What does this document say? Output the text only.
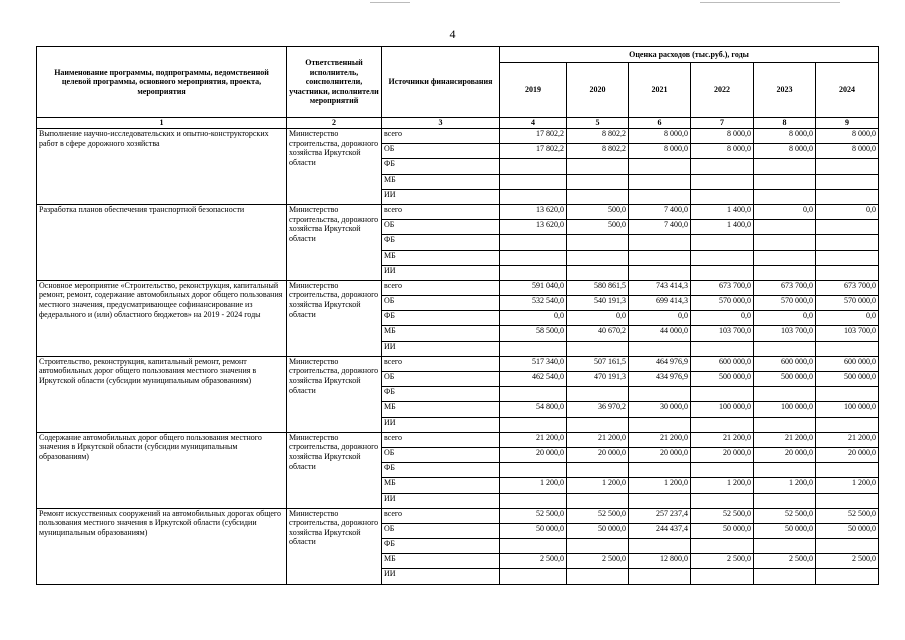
4
Наименование программы, подпрограммы, ведомственной целевой программы, основного мероприятия, проекта, мероприятия	Ответственный исполнитель, соисполнители, участники, исполнители мероприятий	Источники финансирования	Оценка расходов (тыс.руб.), годы					
			2019	2020	2021	2022	2023	2024
1	2	3	4	5	6	7	8	9
Выполнение научно-исследовательских и опытно-конструкторских работ в сфере дорожного хозяйства	Министерство строительства, дорожного хозяйства Иркутской области	всего	17 802,2	8 802,2	8 000,0	8 000,0	8 000,0	8 000,0
		ОБ	17 802,2	8 802,2	8 000,0	8 000,0	8 000,0	8 000,0
		ФБ						
		МБ						
		ИИ						
Разработка планов обеспечения транспортной безопасности	Министерство строительства, дорожного хозяйства Иркутской области	всего	13 620,0	500,0	7 400,0	1 400,0	0,0	0,0
		ОБ	13 620,0	500,0	7 400,0	1 400,0		
		ФБ						
		МБ						
		ИИ						
Основное мероприятие «Строительство, реконструкция, капитальный ремонт, ремонт, содержание автомобильных дорог общего пользования местного значения, предусматривающее софинансирование из федерального и (или) областного бюджетов» на 2019 - 2024 годы	Министерство строительства, дорожного хозяйства Иркутской области	всего	591 040,0	580 861,5	743 414,3	673 700,0	673 700,0	673 700,0
		ОБ	532 540,0	540 191,3	699 414,3	570 000,0	570 000,0	570 000,0
		ФБ	0,0	0,0	0,0	0,0	0,0	0,0
		МБ	58 500,0	40 670,2	44 000,0	103 700,0	103 700,0	103 700,0
		ИИ						
Строительство, реконструкция, капитальный ремонт, ремонт автомобильных дорог общего пользования местного значения в Иркутской области (субсидии муниципальным образованиям)	Министерство строительства, дорожного хозяйства Иркутской области	всего	517 340,0	507 161,5	464 976,9	600 000,0	600 000,0	600 000,0
		ОБ	462 540,0	470 191,3	434 976,9	500 000,0	500 000,0	500 000,0
		ФБ						
		МБ	54 800,0	36 970,2	30 000,0	100 000,0	100 000,0	100 000,0
		ИИ						
Содержание автомобильных дорог общего пользования местного значения в Иркутской области (субсидии муниципальным образованиям)	Министерство строительства, дорожного хозяйства Иркутской области	всего	21 200,0	21 200,0	21 200,0	21 200,0	21 200,0	21 200,0
		ОБ	20 000,0	20 000,0	20 000,0	20 000,0	20 000,0	20 000,0
		ФБ						
		МБ	1 200,0	1 200,0	1 200,0	1 200,0	1 200,0	1 200,0
		ИИ						
Ремонт искусственных сооружений на автомобильных дорогах общего пользования местного значения в Иркутской области (субсидии муниципальным образованиям)	Министерство строительства, дорожного хозяйства Иркутской области	всего	52 500,0	52 500,0	257 237,4	52 500,0	52 500,0	52 500,0
		ОБ	50 000,0	50 000,0	244 437,4	50 000,0	50 000,0	50 000,0
		ФБ						
		МБ	2 500,0	2 500,0	12 800,0	2 500,0	2 500,0	2 500,0
		ИИ						
